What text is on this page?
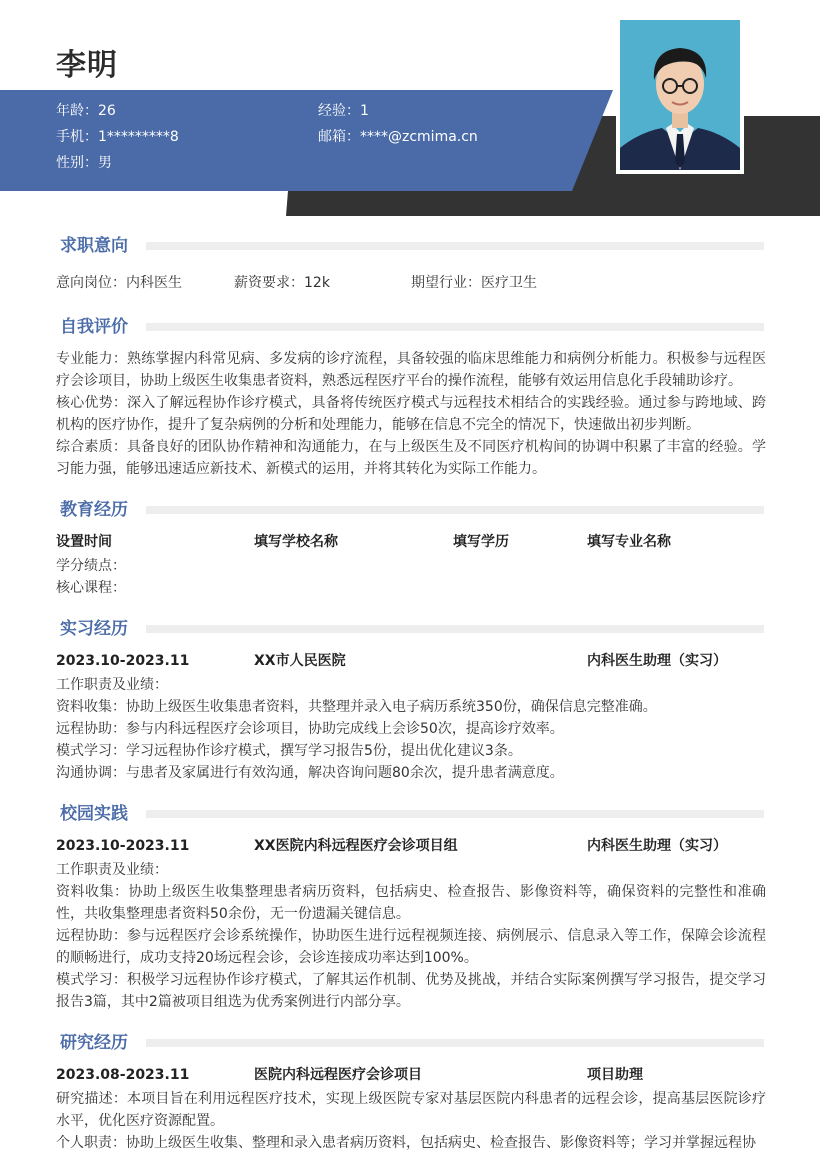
李明
年龄：26	经验：1
手机：1*********8	邮箱：****@zcmima.cn
性别：男
求职意向
意向岗位：内科医生	薪资要求：12k	期望行业：医疗卫生
自我评价

专业能力：熟练掌握内科常见病、多发病的诊疗流程，具备较强的临床思维能力和病例分析能力。积极参与远程医疗会诊项目，协助上级医生收集患者资料，熟悉远程医疗平台的操作流程，能够有效运用信息化手段辅助诊疗。

核心优势：深入了解远程协作诊疗模式，具备将传统医疗模式与远程技术相结合的实践经验。通过参与跨地域、跨机构的医疗协作，提升了复杂病例的分析和处理能力，能够在信息不完全的情况下，快速做出初步判断。

综合素质：具备良好的团队协作精神和沟通能力，在与上级医生及不同医疗机构间的协调中积累了丰富的经验。学习能力强，能够迅速适应新技术、新模式的运用，并将其转化为实际工作能力。

教育经历
设置时间	填写学校名称	填写学历	填写专业名称
学分绩点：
核心课程：
实习经历
2023.10-2023.11	XX市人民医院	内科医生助理（实习）
工作职责及业绩：
资料收集：协助上级医生收集患者资料，共整理并录入电子病历系统350份，确保信息完整准确。
远程协助：参与内科远程医疗会诊项目，协助完成线上会诊50次，提高诊疗效率。
模式学习：学习远程协作诊疗模式，撰写学习报告5份，提出优化建议3条。
沟通协调：与患者及家属进行有效沟通，解决咨询问题80余次，提升患者满意度。
校园实践
2023.10-2023.11	XX医院内科远程医疗会诊项目组	内科医生助理（实习）
工作职责及业绩：

资料收集：协助上级医生收集整理患者病历资料，包括病史、检查报告、影像资料等，确保资料的完整性和准确性，共收集整理患者资料50余份，无一份遗漏关键信息。

远程协助：参与远程医疗会诊系统操作，协助医生进行远程视频连接、病例展示、信息录入等工作，保障会诊流程的顺畅进行，成功支持20场远程会诊，会诊连接成功率达到100%。

模式学习：积极学习远程协作诊疗模式，了解其运作机制、优势及挑战，并结合实际案例撰写学习报告，提交学习报告3篇，其中2篇被项目组选为优秀案例进行内部分享。

研究经历
2023.08-2023.11	医院内科远程医疗会诊项目	项目助理

研究描述：本项目旨在利用远程医疗技术，实现上级医院专家对基层医院内科患者的远程会诊，提高基层医院诊疗水平，优化医疗资源配置。

个人职责：协助上级医生收集、整理和录入患者病历资料，包括病史、检查报告、影像资料等；学习并掌握远程协
